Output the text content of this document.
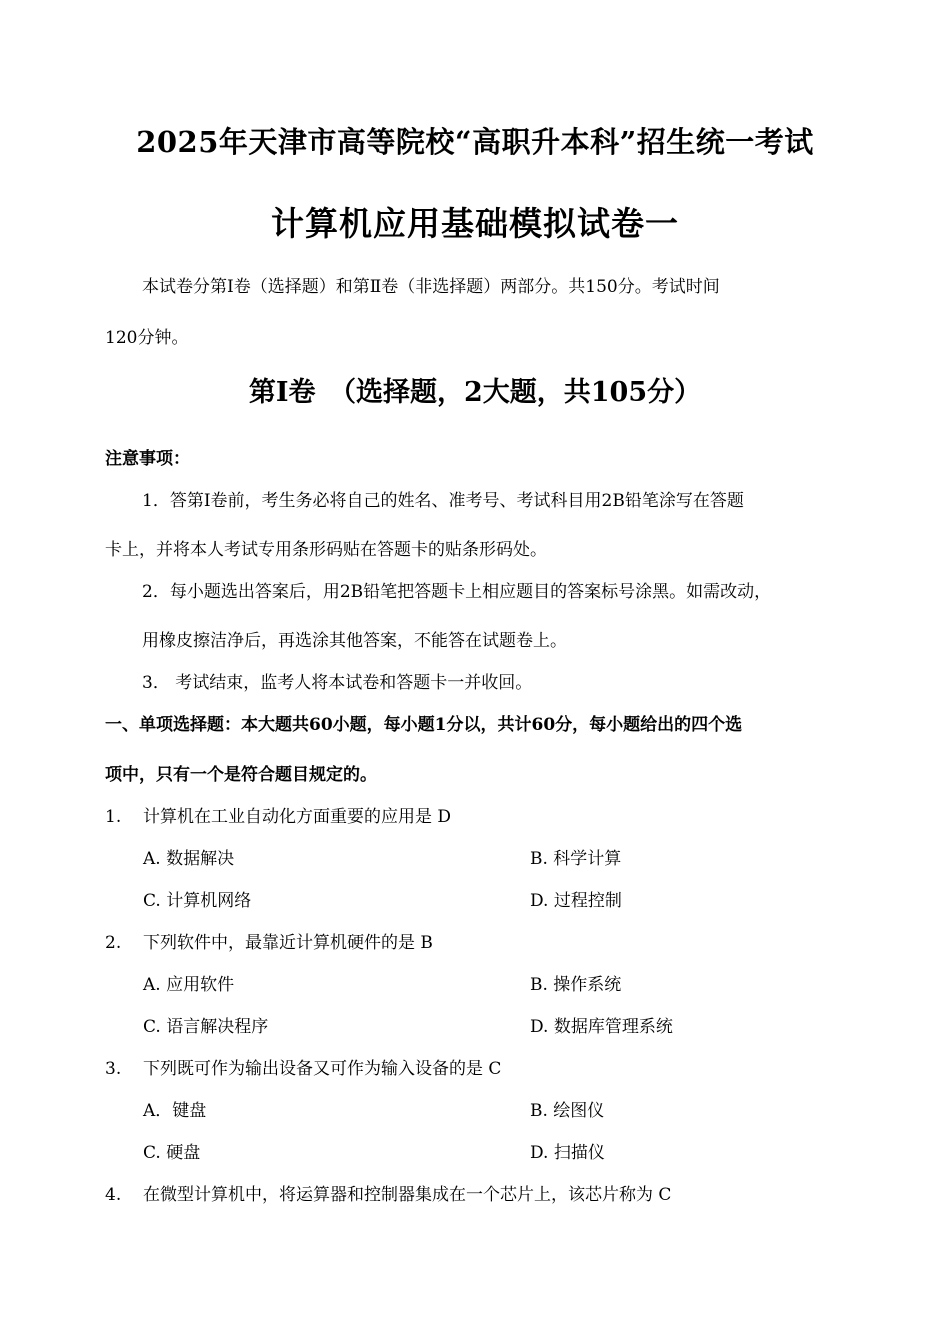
2025年天津市高等院校“高职升本科”招生统一考试
计算机应用基础模拟试卷一
本试卷分第Ⅰ卷（选择题）和第Ⅱ卷（非选择题）两部分。共150分。考试时间
120分钟。
第Ⅰ卷　（选择题，2大题，共105分）
注意事项：
1．答第Ⅰ卷前，考生务必将自己的姓名、准考号、考试科目用2B铅笔涂写在答题
卡上，并将本人考试专用条形码贴在答题卡的贴条形码处。
2．每小题选出答案后，用2B铅笔把答题卡上相应题目的答案标号涂黑。如需改动，
用橡皮擦洁净后，再选涂其他答案，不能答在试题卷上。
3． 考试结束，监考人将本试卷和答题卡一并收回。
一、单项选择题：本大题共60小题，每小题1分以，共计60分，每小题给出的四个选
项中，只有一个是符合题目规定的。
1. 计算机在工业自动化方面重要的应用是 D
A. 数据解决	B. 科学计算
C. 计算机网络	D. 过程控制
2. 下列软件中，最靠近计算机硬件的是 B
A. 应用软件	B. 操作系统
C. 语言解决程序	D. 数据库管理系统
3. 下列既可作为输出设备又可作为输入设备的是 C
A．键盘	B. 绘图仪
C. 硬盘	D. 扫描仪
4. 在微型计算机中，将运算器和控制器集成在一个芯片上，该芯片称为 C
